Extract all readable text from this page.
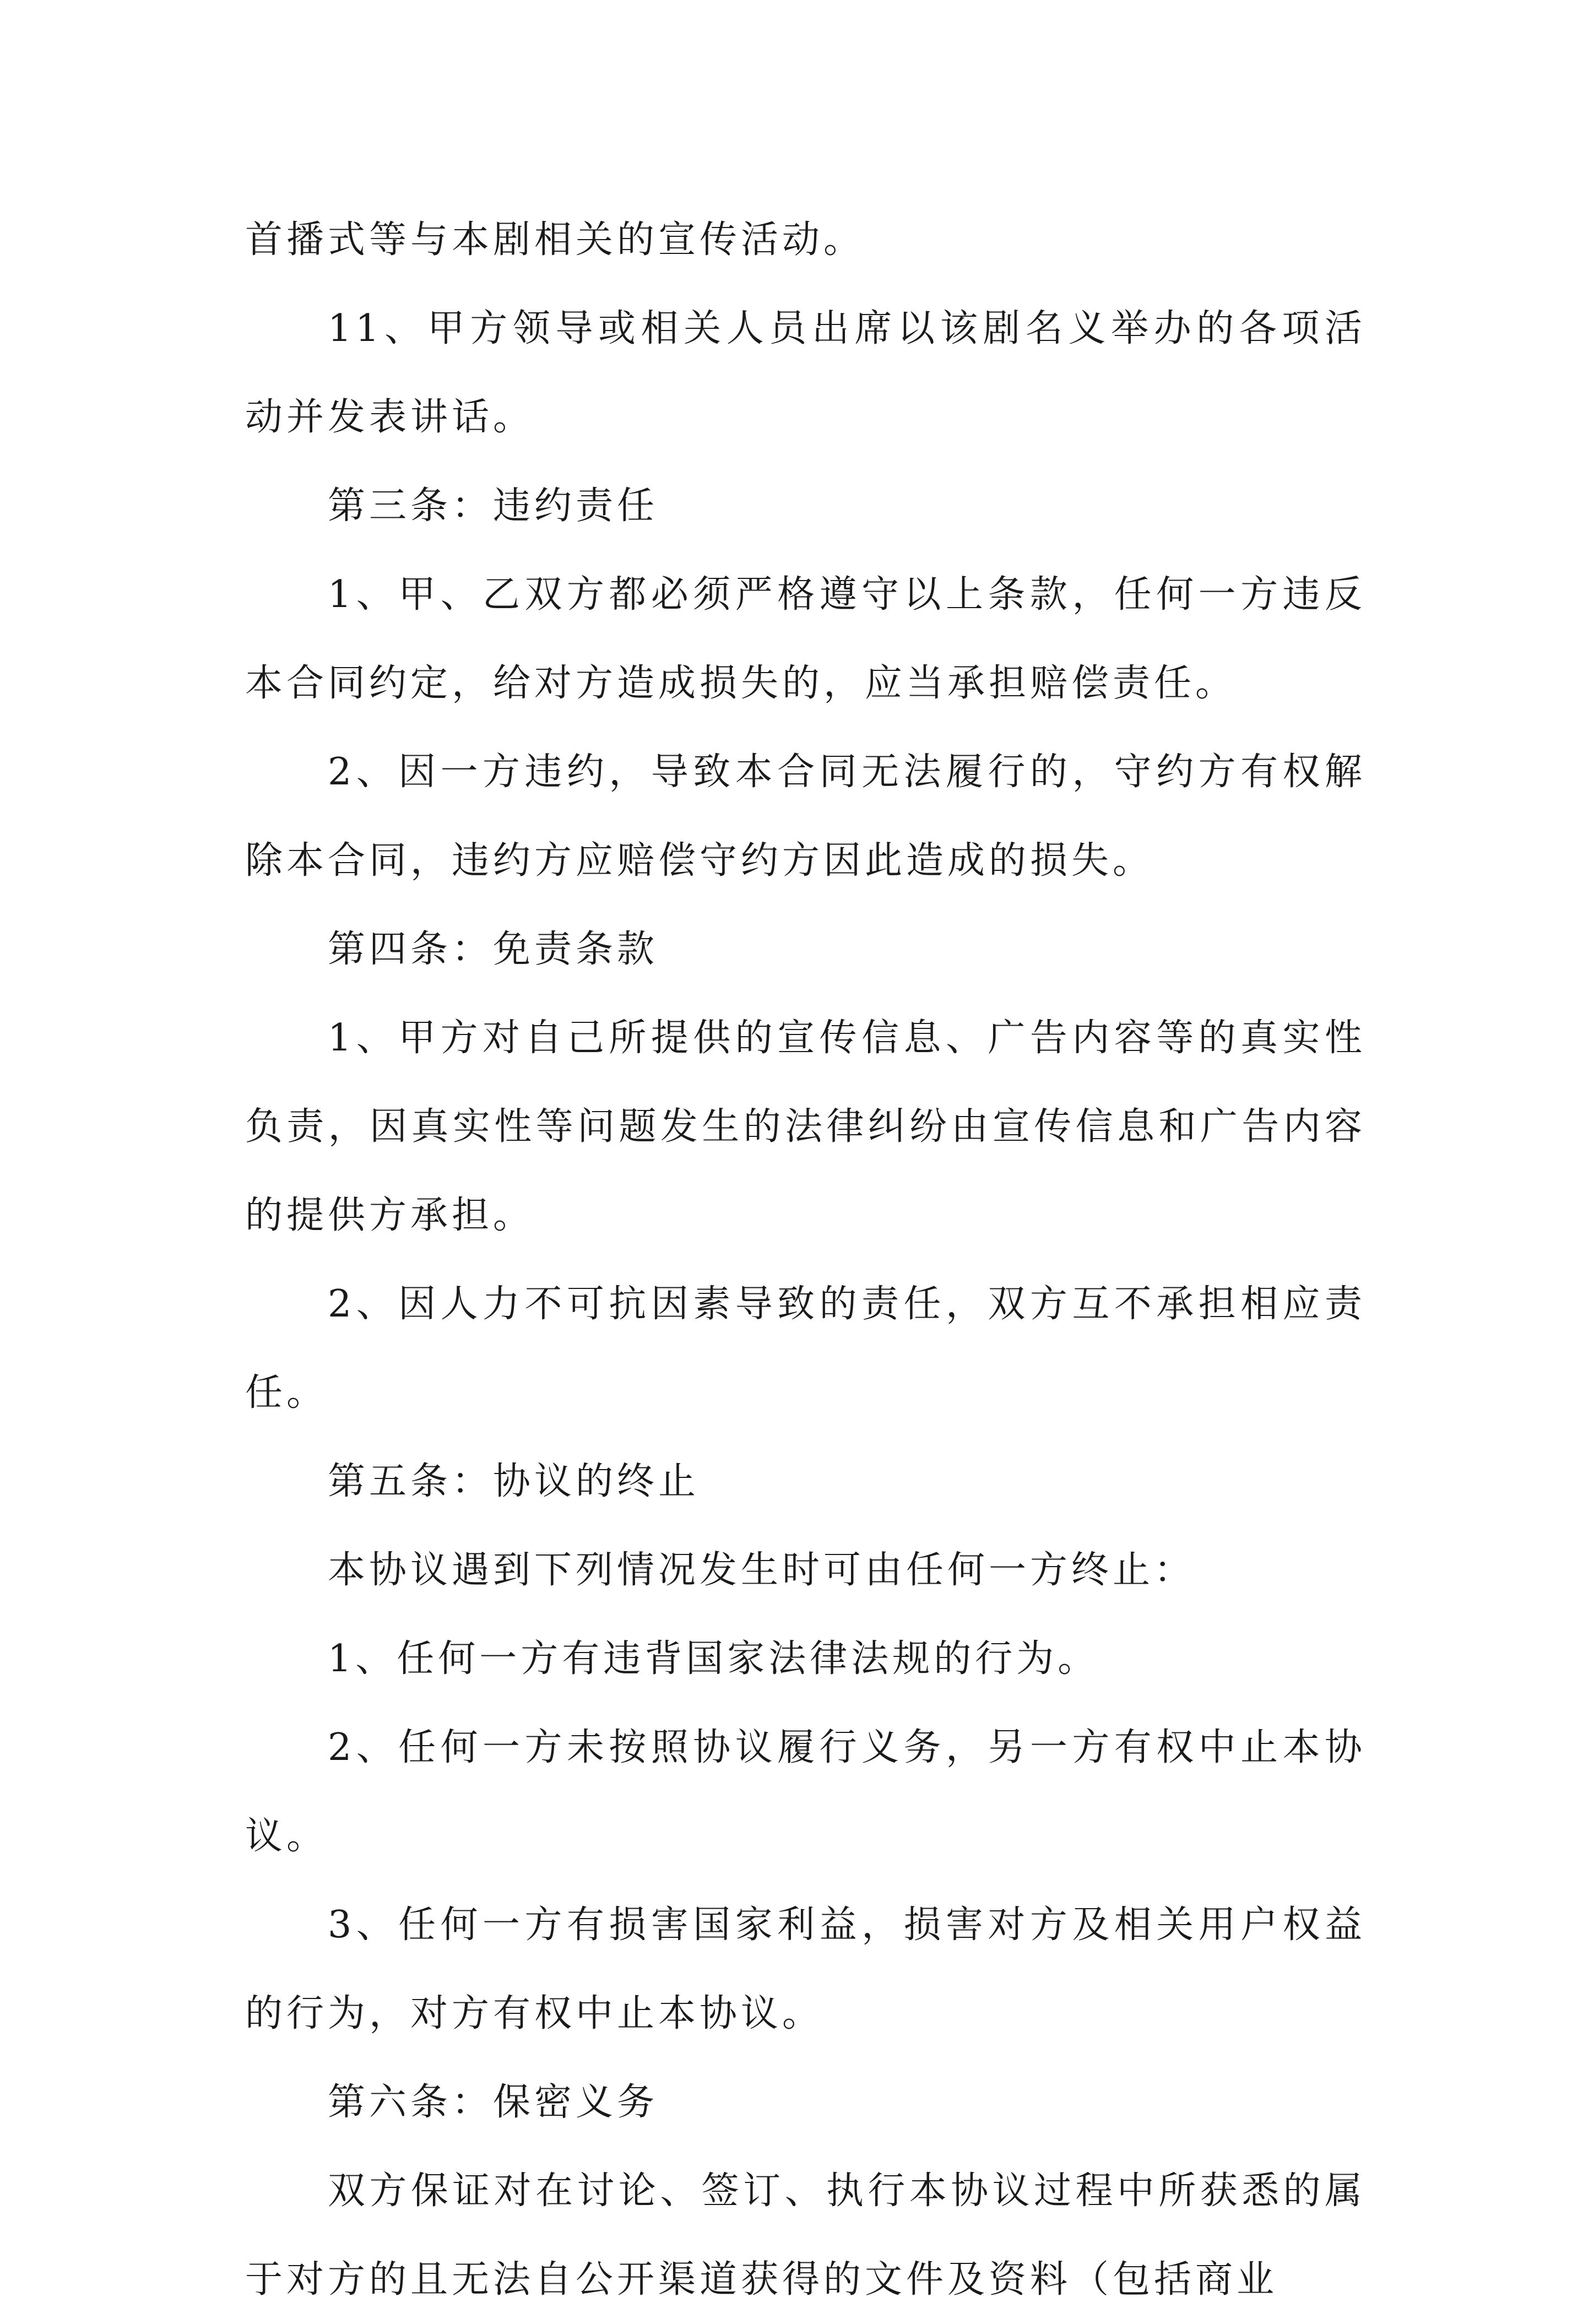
首播式等与本剧相关的宣传活动。

11、甲方领导或相关人员出席以该剧名义举办的各项活动并发表讲话。

第三条：违约责任

1、甲、乙双方都必须严格遵守以上条款，任何一方违反本合同约定，给对方造成损失的，应当承担赔偿责任。

2、因一方违约，导致本合同无法履行的，守约方有权解除本合同，违约方应赔偿守约方因此造成的损失。

第四条：免责条款

1、甲方对自己所提供的宣传信息、广告内容等的真实性负责，因真实性等问题发生的法律纠纷由宣传信息和广告内容的提供方承担。

2、因人力不可抗因素导致的责任，双方互不承担相应责任。

第五条：协议的终止

本协议遇到下列情况发生时可由任何一方终止：

1、任何一方有违背国家法律法规的行为。

2、任何一方未按照协议履行义务，另一方有权中止本协议。

3、任何一方有损害国家利益，损害对方及相关用户权益的行为，对方有权中止本协议。

第六条：保密义务

双方保证对在讨论、签订、执行本协议过程中所获悉的属于对方的且无法自公开渠道获得的文件及资料（包括商业
